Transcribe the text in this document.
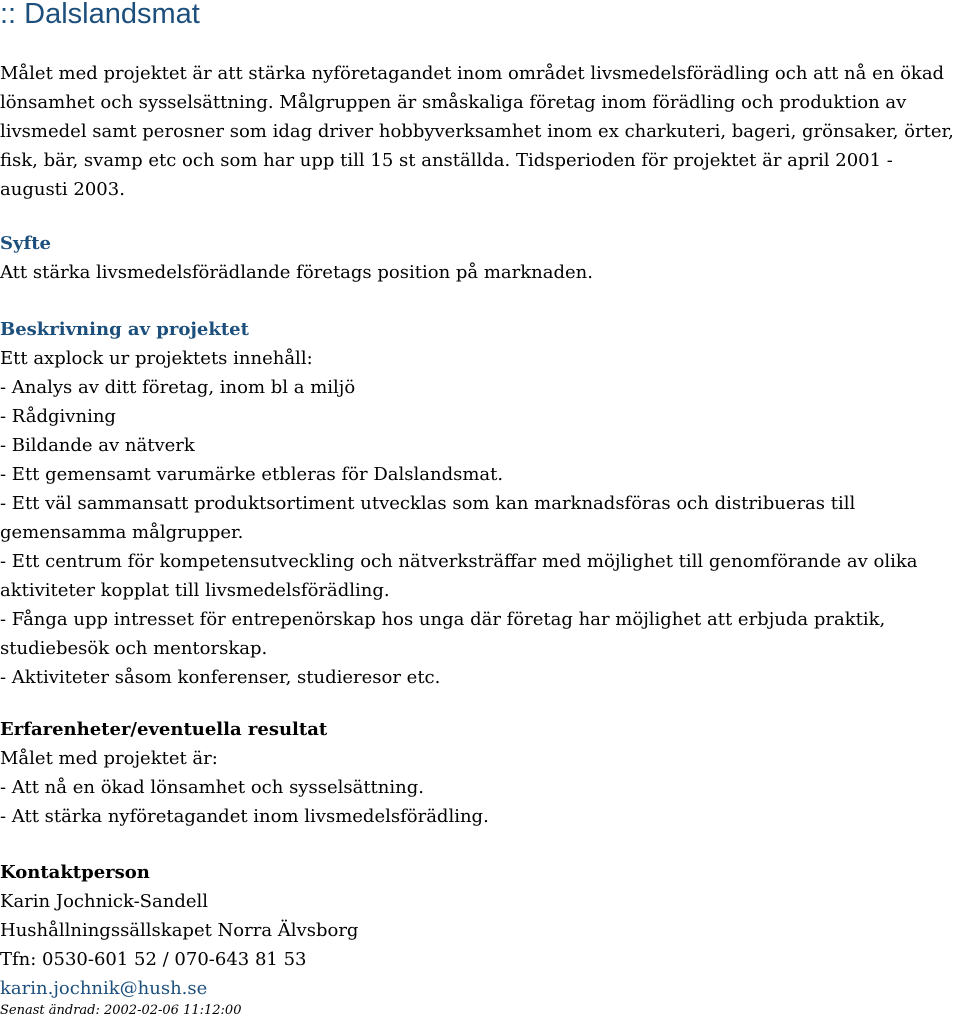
:: Dalslandsmat

Målet med projektet är att stärka nyföretagandet inom området livsmedelsförädling och att nå en ökad lönsamhet och sysselsättning. Målgruppen är småskaliga företag inom förädling och produktion av livsmedel samt perosner som idag driver hobbyverksamhet inom ex charkuteri, bageri, grönsaker, örter, fisk, bär, svamp etc och som har upp till 15 st anställda. Tidsperioden för projektet är april 2001 - augusti 2003.

Syfte
Att stärka livsmedelsförädlande företags position på marknaden.
Beskrivning av projektet
Ett axplock ur projektets innehåll:
- Analys av ditt företag, inom bl a miljö
- Rådgivning
- Bildande av nätverk
- Ett gemensamt varumärke etbleras för Dalslandsmat.
- Ett väl sammansatt produktsortiment utvecklas som kan marknadsföras och distribueras till gemensamma målgrupper.
- Ett centrum för kompetensutveckling och nätverksträffar med möjlighet till genomförande av olika aktiviteter kopplat till livsmedelsförädling.
- Fånga upp intresset för entrepenörskap hos unga där företag har möjlighet att erbjuda praktik, studiebesök och mentorskap.
- Aktiviteter såsom konferenser, studieresor etc.
Erfarenheter/eventuella resultat
Målet med projektet är:
- Att nå en ökad lönsamhet och sysselsättning.
- Att stärka nyföretagandet inom livsmedelsförädling.
Kontaktperson
Karin Jochnick-Sandell
Hushållningssällskapet Norra Älvsborg
Tfn: 0530-601 52 / 070-643 81 53
karin.jochnik@hush.se
Senast ändrad: 2002-02-06 11:12:00
